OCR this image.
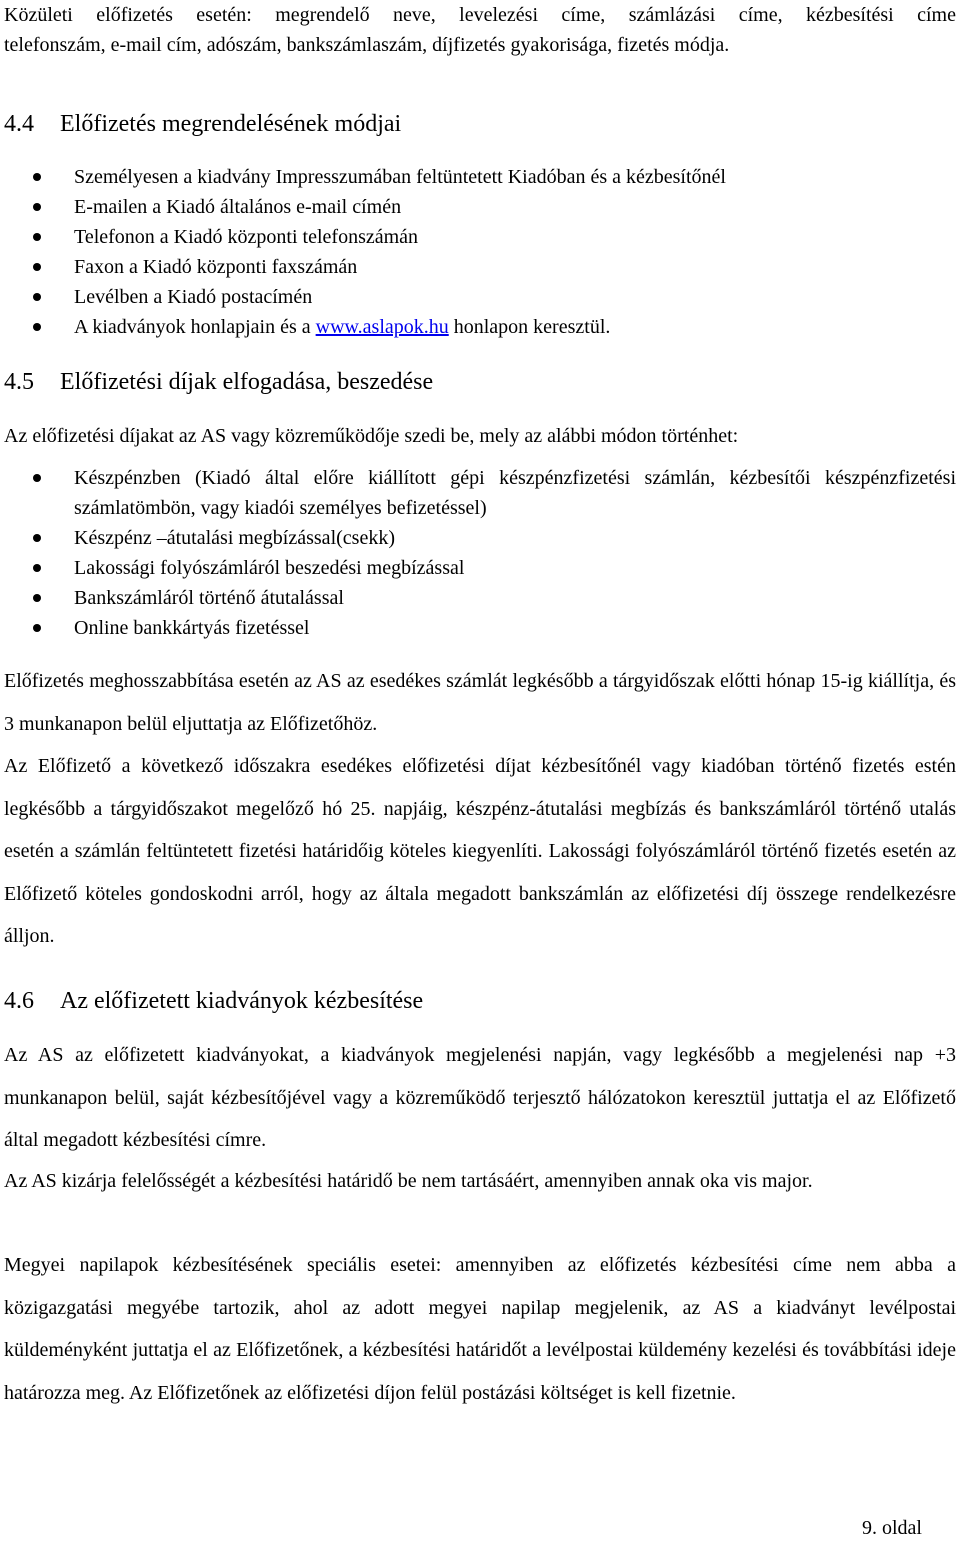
Közületi előfizetés esetén: megrendelő neve, levelezési címe, számlázási címe, kézbesítési címe

telefonszám, e-mail cím, adószám, bankszámlaszám, díjfizetés gyakorisága, fizetés módja.

4.4 Előfizetés megrendelésének módjai
Személyesen a kiadvány Impresszumában feltüntetett Kiadóban és a kézbesítőnél
E-mailen a Kiadó általános e-mail címén
Telefonon a Kiadó központi telefonszámán
Faxon a Kiadó központi faxszámán
Levélben a Kiadó postacímén
A kiadványok honlapjain és a www.aslapok.hu honlapon keresztül.
4.5 Előfizetési díjak elfogadása, beszedése

Az előfizetési díjakat az AS vagy közreműködője szedi be, mely az alábbi módon történhet:

Készpénzben (Kiadó által előre kiállított gépi készpénzfizetési számlán, kézbesítői készpénzfizetési számlatömbön, vagy kiadói személyes befizetéssel)
Készpénz –átutalási megbízással(csekk)
Lakossági folyószámláról beszedési megbízással
Bankszámláról történő átutalással
Online bankkártyás fizetéssel

Előfizetés meghosszabbítása esetén az AS az esedékes számlát legkésőbb a tárgyidőszak előtti hónap 15-ig kiállítja, és 3 munkanapon belül eljuttatja az Előfizetőhöz.

Az Előfizető a következő időszakra esedékes előfizetési díjat kézbesítőnél vagy kiadóban történő fizetés estén legkésőbb a tárgyidőszakot megelőző hó 25. napjáig, készpénz-átutalási megbízás és bankszámláról történő utalás esetén a számlán feltüntetett fizetési határidőig köteles kiegyenlíti. Lakossági folyószámláról történő fizetés esetén az Előfizető köteles gondoskodni arról, hogy az általa megadott bankszámlán az előfizetési díj összege rendelkezésre álljon.

4.6 Az előfizetett kiadványok kézbesítése

Az AS az előfizetett kiadványokat, a kiadványok megjelenési napján, vagy legkésőbb a megjelenési nap +3 munkanapon belül, saját kézbesítőjével vagy a közreműködő terjesztő hálózatokon keresztül juttatja el az Előfizető által megadott kézbesítési címre.

Az AS kizárja felelősségét a kézbesítési határidő be nem tartásáért, amennyiben annak oka vis major.

Megyei napilapok kézbesítésének speciális esetei: amennyiben az előfizetés kézbesítési címe nem abba a közigazgatási megyébe tartozik, ahol az adott megyei napilap megjelenik, az AS a kiadványt levélpostai küldeményként juttatja el az Előfizetőnek, a kézbesítési határidőt a levélpostai küldemény kezelési és továbbítási ideje határozza meg. Az Előfizetőnek az előfizetési díjon felül postázási költséget is kell fizetnie.

9. oldal
